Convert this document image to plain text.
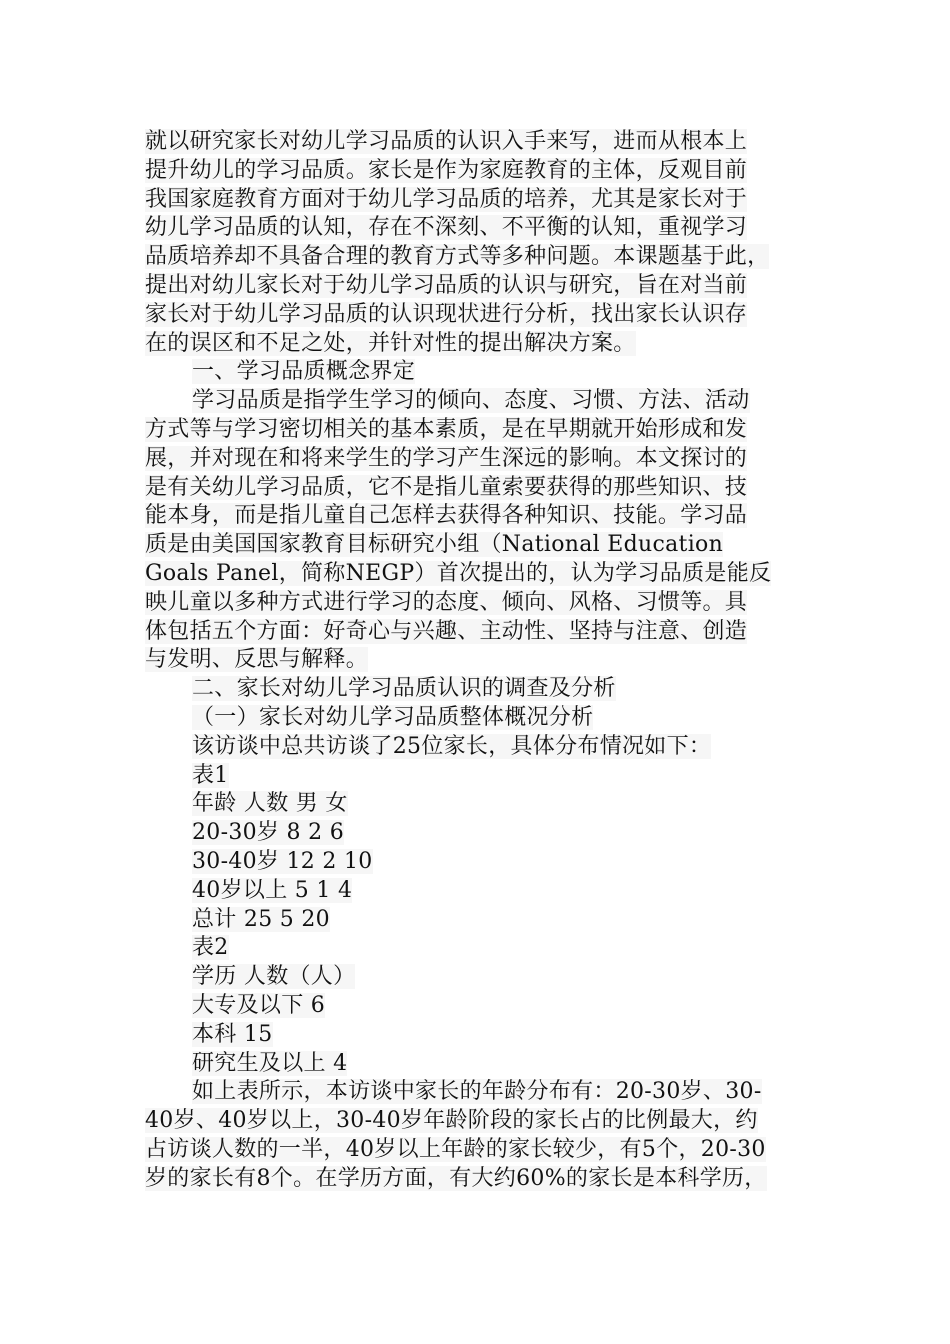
就以研究家长对幼儿学习品质的认识入手来写，进而从根本上
提升幼儿的学习品质。家长是作为家庭教育的主体，反观目前
我国家庭教育方面对于幼儿学习品质的培养，尤其是家长对于
幼儿学习品质的认知，存在不深刻、不平衡的认知，重视学习
品质培养却不具备合理的教育方式等多种问题。本课题基于此，
提出对幼儿家长对于幼儿学习品质的认识与研究，旨在对当前
家长对于幼儿学习品质的认识现状进行分析，找出家长认识存
在的误区和不足之处，并针对性的提出解决方案。
一、学习品质概念界定
学习品质是指学生学习的倾向、态度、习惯、方法、活动
方式等与学习密切相关的基本素质，是在早期就开始形成和发
展，并对现在和将来学生的学习产生深远的影响。本文探讨的
是有关幼儿学习品质，它不是指儿童索要获得的那些知识、技
能本身，而是指儿童自己怎样去获得各种知识、技能。学习品
质是由美国国家教育目标研究小组（National Education
Goals Panel，简称NEGP）首次提出的，认为学习品质是能反
映儿童以多种方式进行学习的态度、倾向、风格、习惯等。具
体包括五个方面：好奇心与兴趣、主动性、坚持与注意、创造
与发明、反思与解释。
二、家长对幼儿学习品质认识的调查及分析
（一）家长对幼儿学习品质整体概况分析
该访谈中总共访谈了25位家长，具体分布情况如下：
表1
年龄 人数 男 女
20-30岁 8 2 6
30-40岁 12 2 10
40岁以上 5 1 4
总计 25 5 20
表2
学历 人数（人）
大专及以下 6
本科 15
研究生及以上 4
如上表所示，本访谈中家长的年龄分布有：20-30岁、30-
40岁、40岁以上，30-40岁年龄阶段的家长占的比例最大，约
占访谈人数的一半，40岁以上年龄的家长较少，有5个，20-30
岁的家长有8个。在学历方面，有大约60%的家长是本科学历，
